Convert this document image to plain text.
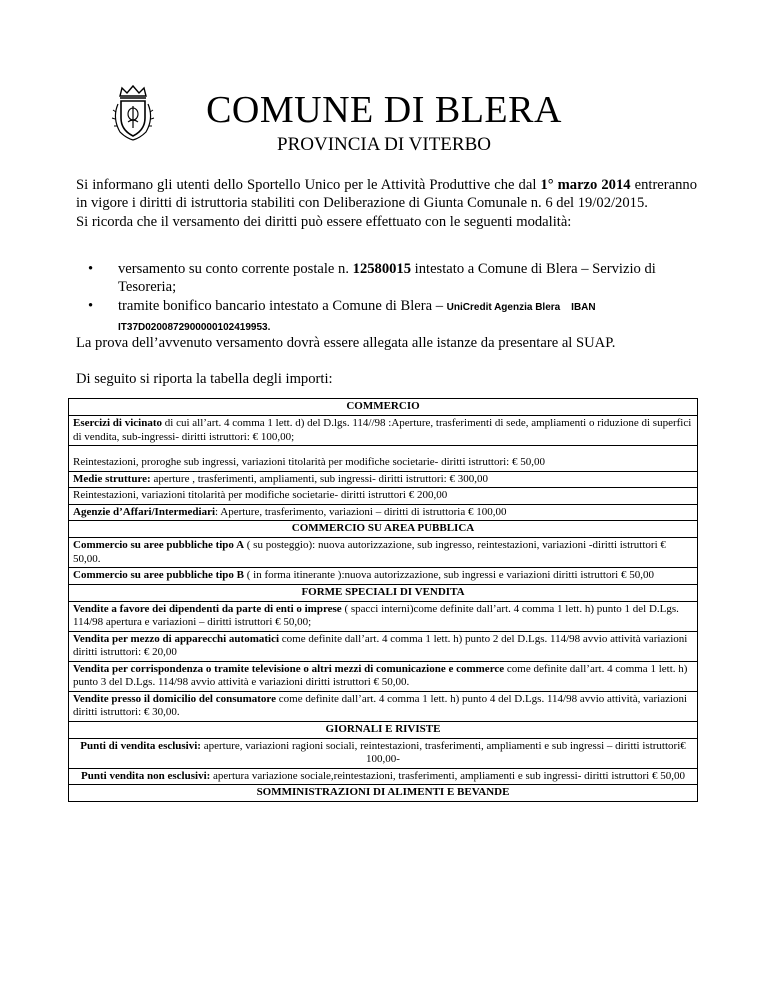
COMUNE DI BLERA
PROVINCIA DI VITERBO

Si informano gli utenti dello Sportello Unico per le Attività Produttive che dal 1° marzo 2014 entreranno in vigore i diritti di istruttoria stabiliti con Deliberazione di Giunta Comunale n. 6 del 19/02/2015.

Si ricorda che il versamento dei diritti può essere effettuato con le seguenti modalità:

• versamento su conto corrente postale n. 12580015 intestato a Comune di Blera – Servizio di Tesoreria;
• tramite bonifico bancario intestato a Comune di Blera – UniCredit Agenzia Blera IBAN
IT37D0200872900000102419953.
La prova dell’avvenuto versamento dovrà essere allegata alle istanze da presentare al SUAP.
Di seguito si riporta la tabella degli importi:
COMMERCIO
Esercizi di vicinato di cui all’art. 4 comma 1 lett. d) del D.lgs. 114//98 :Aperture, trasferimenti di sede, ampliamenti o riduzione di superfici di vendita, sub-ingressi- diritti istruttori: € 100,00;
Reintestazioni, proroghe sub ingressi, variazioni titolarità per modifiche societarie- diritti istruttori: € 50,00
Medie strutture: aperture , trasferimenti, ampliamenti, sub ingressi- diritti istruttori: € 300,00
Reintestazioni, variazioni titolarità per modifiche societarie- diritti istruttori € 200,00
Agenzie d’Affari/Intermediari: Aperture, trasferimento, variazioni – diritti di istruttoria € 100,00
COMMERCIO SU AREA PUBBLICA
Commercio su aree pubbliche tipo A ( su posteggio): nuova autorizzazione, sub ingresso, reintestazioni, variazioni -diritti istruttori € 50,00.
Commercio su aree pubbliche tipo B ( in forma itinerante ):nuova autorizzazione, sub ingressi e variazioni diritti istruttori € 50,00
FORME SPECIALI DI VENDITA
Vendite a favore dei dipendenti da parte di enti o imprese ( spacci interni)come definite dall’art. 4 comma 1 lett. h) punto 1 del D.Lgs. 114/98 apertura e variazioni – diritti istruttori € 50,00;
Vendita per mezzo di apparecchi automatici come definite dall’art. 4 comma 1 lett. h) punto 2 del D.Lgs. 114/98 avvio attività variazioni diritti istruttori: € 20,00
Vendita per corrispondenza o tramite televisione o altri mezzi di comunicazione e commerce come definite dall’art. 4 comma 1 lett. h) punto 3 del D.Lgs. 114/98 avvio attività e variazioni diritti istruttori € 50,00.
Vendite presso il domicilio del consumatore come definite dall’art. 4 comma 1 lett. h) punto 4 del D.Lgs. 114/98 avvio attività, variazioni diritti istruttori: € 30,00.
GIORNALI E RIVISTE
Punti di vendita esclusivi: aperture, variazioni ragioni sociali, reintestazioni, trasferimenti, ampliamenti e sub ingressi – diritti istruttori€ 100,00-
Punti vendita non esclusivi: apertura variazione sociale,reintestazioni, trasferimenti, ampliamenti e sub ingressi- diritti istruttori € 50,00
SOMMINISTRAZIONI DI ALIMENTI E BEVANDE
